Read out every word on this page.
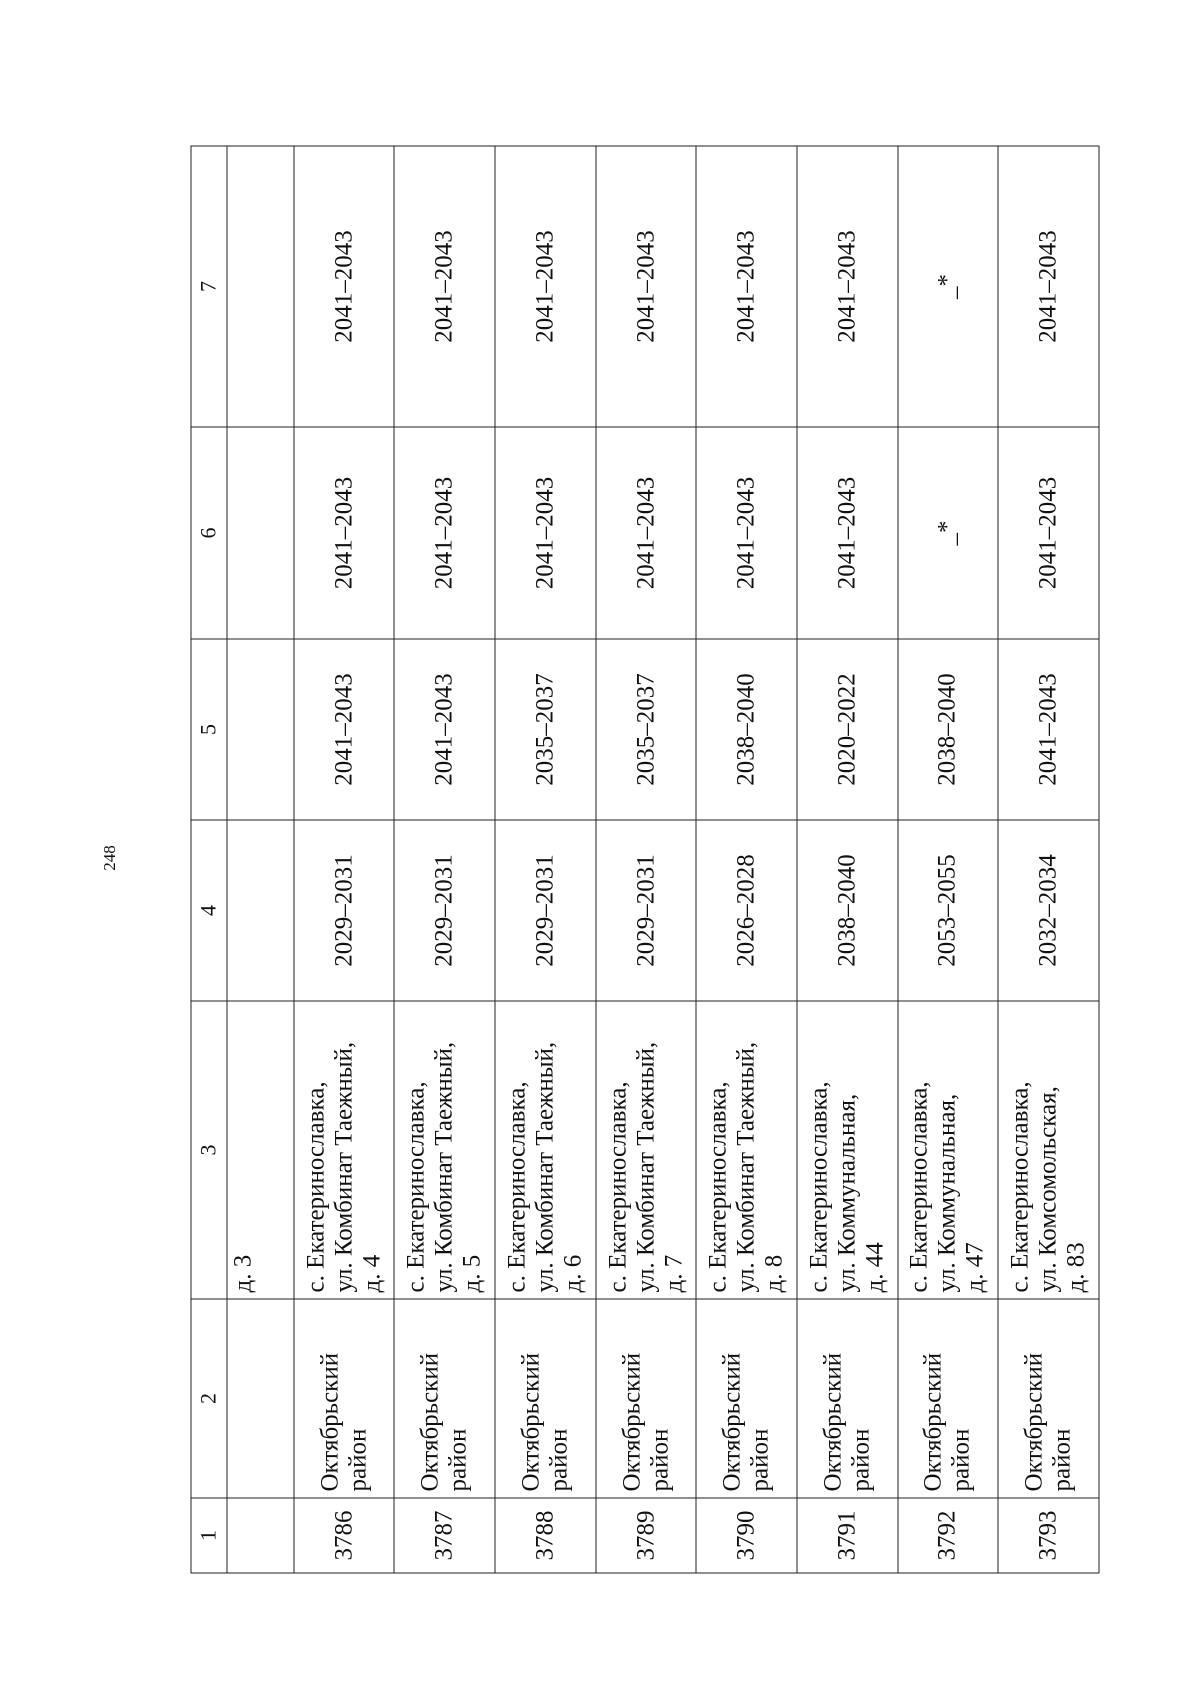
248
1	2	3	4	5	6	7
		д. 3				
3786	Октябрьский район	с. Екатеринославка, ул. Комбинат Таежный, д. 4	2029–2031	2041–2043	2041–2043	2041–2043
3787	Октябрьский район	с. Екатеринославка, ул. Комбинат Таежный, д. 5	2029–2031	2041–2043	2041–2043	2041–2043
3788	Октябрьский район	с. Екатеринославка, ул. Комбинат Таежный, д. 6	2029–2031	2035–2037	2041–2043	2041–2043
3789	Октябрьский район	с. Екатеринославка, ул. Комбинат Таежный, д. 7	2029–2031	2035–2037	2041–2043	2041–2043
3790	Октябрьский район	с. Екатеринославка, ул. Комбинат Таежный, д. 8	2026–2028	2038–2040	2041–2043	2041–2043
3791	Октябрьский район	с. Екатеринославка, ул. Коммунальная, д. 44	2038–2040	2020–2022	2041–2043	2041–2043
3792	Октябрьский район	с. Екатеринославка, ул. Коммунальная, д. 47	2053–2055	2038–2040	_*	_*
3793	Октябрьский район	с. Екатеринославка, ул. Комсомольская, д. 83	2032–2034	2041–2043	2041–2043	2041–2043
